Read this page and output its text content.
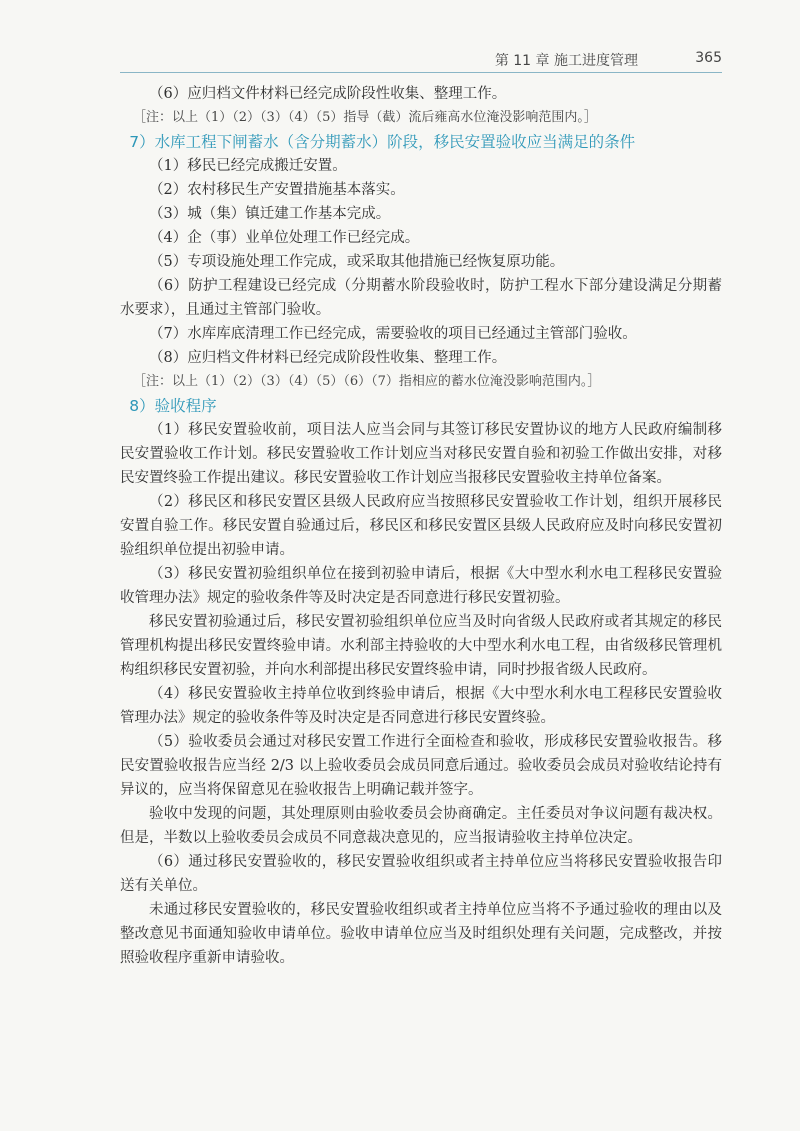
第 11 章 施工进度管理	365

（6）应归档文件材料已经完成阶段性收集、整理工作。

［注：以上（1）（2）（3）（4）（5）指导（截）流后雍高水位淹没影响范围内。］

7）水库工程下闸蓄水（含分期蓄水）阶段，移民安置验收应当满足的条件

（1）移民已经完成搬迁安置。

（2）农村移民生产安置措施基本落实。

（3）城（集）镇迁建工作基本完成。

（4）企（事）业单位处理工作已经完成。

（5）专项设施处理工作完成，或采取其他措施已经恢复原功能。

（6）防护工程建设已经完成（分期蓄水阶段验收时，防护工程水下部分建设满足分期蓄水要求），且通过主管部门验收。

（7）水库库底清理工作已经完成，需要验收的项目已经通过主管部门验收。

（8）应归档文件材料已经完成阶段性收集、整理工作。

［注：以上（1）（2）（3）（4）（5）（6）（7）指相应的蓄水位淹没影响范围内。］

8）验收程序

（1）移民安置验收前，项目法人应当会同与其签订移民安置协议的地方人民政府编制移民安置验收工作计划。移民安置验收工作计划应当对移民安置自验和初验工作做出安排，对移民安置终验工作提出建议。移民安置验收工作计划应当报移民安置验收主持单位备案。

（2）移民区和移民安置区县级人民政府应当按照移民安置验收工作计划，组织开展移民安置自验工作。移民安置自验通过后，移民区和移民安置区县级人民政府应及时向移民安置初验组织单位提出初验申请。

（3）移民安置初验组织单位在接到初验申请后，根据《大中型水利水电工程移民安置验收管理办法》规定的验收条件等及时决定是否同意进行移民安置初验。

移民安置初验通过后，移民安置初验组织单位应当及时向省级人民政府或者其规定的移民管理机构提出移民安置终验申请。水利部主持验收的大中型水利水电工程，由省级移民管理机构组织移民安置初验，并向水利部提出移民安置终验申请，同时抄报省级人民政府。

（4）移民安置验收主持单位收到终验申请后，根据《大中型水利水电工程移民安置验收管理办法》规定的验收条件等及时决定是否同意进行移民安置终验。

（5）验收委员会通过对移民安置工作进行全面检查和验收，形成移民安置验收报告。移民安置验收报告应当经 2/3 以上验收委员会成员同意后通过。验收委员会成员对验收结论持有异议的，应当将保留意见在验收报告上明确记载并签字。

验收中发现的问题，其处理原则由验收委员会协商确定。主任委员对争议问题有裁决权。但是，半数以上验收委员会成员不同意裁决意见的，应当报请验收主持单位决定。

（6）通过移民安置验收的，移民安置验收组织或者主持单位应当将移民安置验收报告印送有关单位。

未通过移民安置验收的，移民安置验收组织或者主持单位应当将不予通过验收的理由以及整改意见书面通知验收申请单位。验收申请单位应当及时组织处理有关问题，完成整改，并按照验收程序重新申请验收。
